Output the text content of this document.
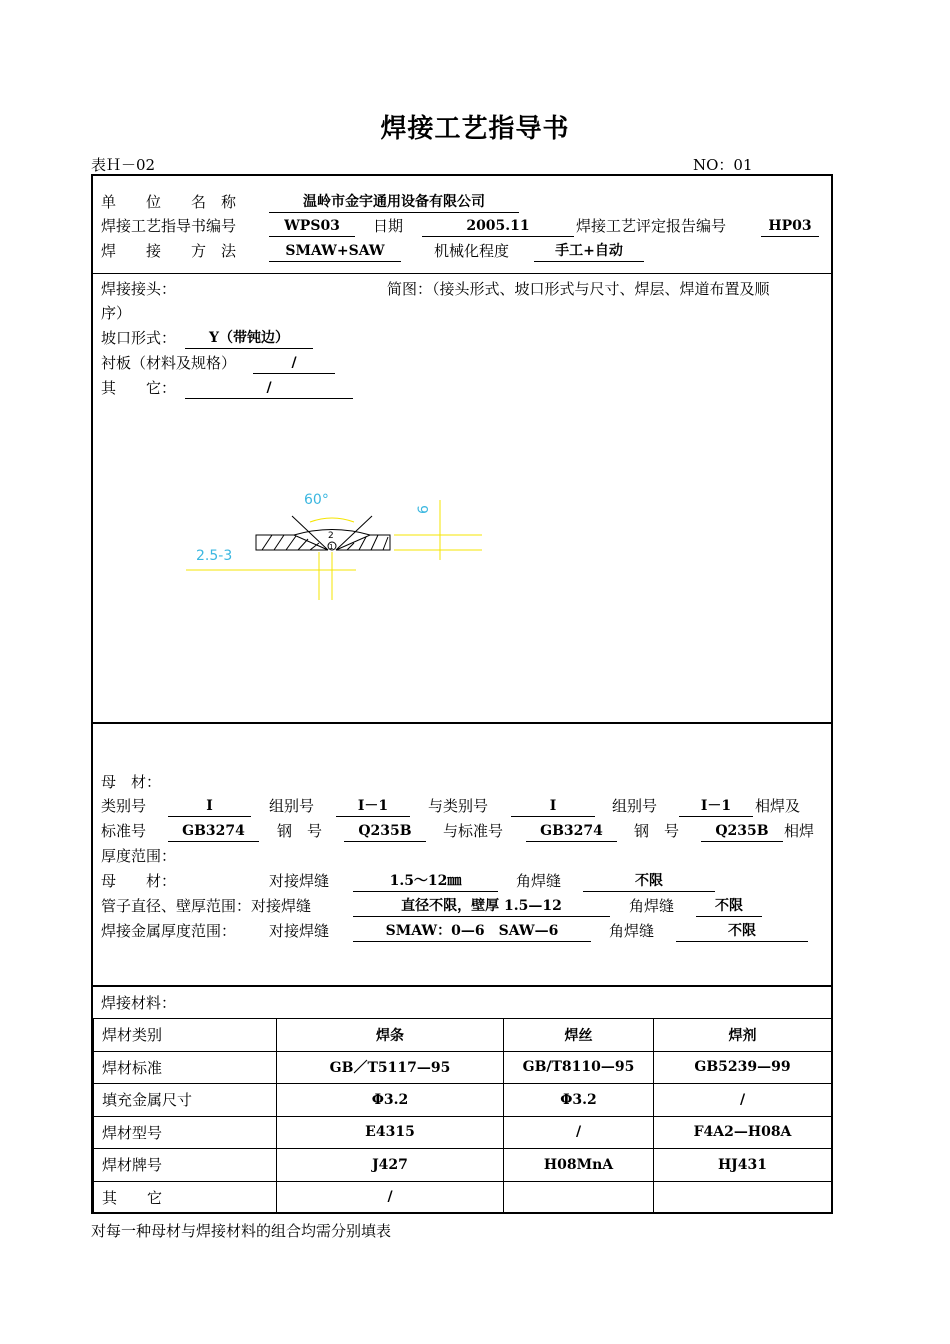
焊接工艺指导书
表Ｈ－02	NO：01
单　　位　　名　称	温岭市金宇通用设备有限公司
焊接工艺指导书编号	WPS03	日期	2005.11	焊接工艺评定报告编号	HP03
焊　　接　　方　法	SMAW+SAW	机械化程度	手工+自动
焊接接头：	简图：（接头形式、坡口形式与尺寸、焊层、焊道布置及顺
序）
坡口形式：	Y（带钝边）
衬板（材料及规格）	/
其　　它：	/
母　材：
类别号	Ⅰ	组别号	Ⅰ－1	与类别号	Ⅰ	组别号	Ⅰ－1	相焊及
标准号	GB3274	钢　号	Q235B	与标准号	GB3274	钢　号	Q235B	相焊
厚度范围：
母　　材：	对接焊缝	1.5～12㎜	角焊缝	不限
管子直径、壁厚范围：对接焊缝	直径不限，壁厚 1.5—12	角焊缝	不限
焊接金属厚度范围： 对接焊缝	SMAW：0—6　SAW—6	角焊缝	不限
焊接材料：
焊材类别	焊条	焊丝	焊剂
焊材标准	GB／T5117—95	GB/T8110—95	GB5239—99
填充金属尺寸	Φ3.2	Φ3.2	/
焊材型号	E4315	/	F4A2—H08A
焊材牌号	J427	H08MnA	HJ431
其　　它	/		
2
1
60°
6
2.5-3
对每一种母材与焊接材料的组合均需分别填表
